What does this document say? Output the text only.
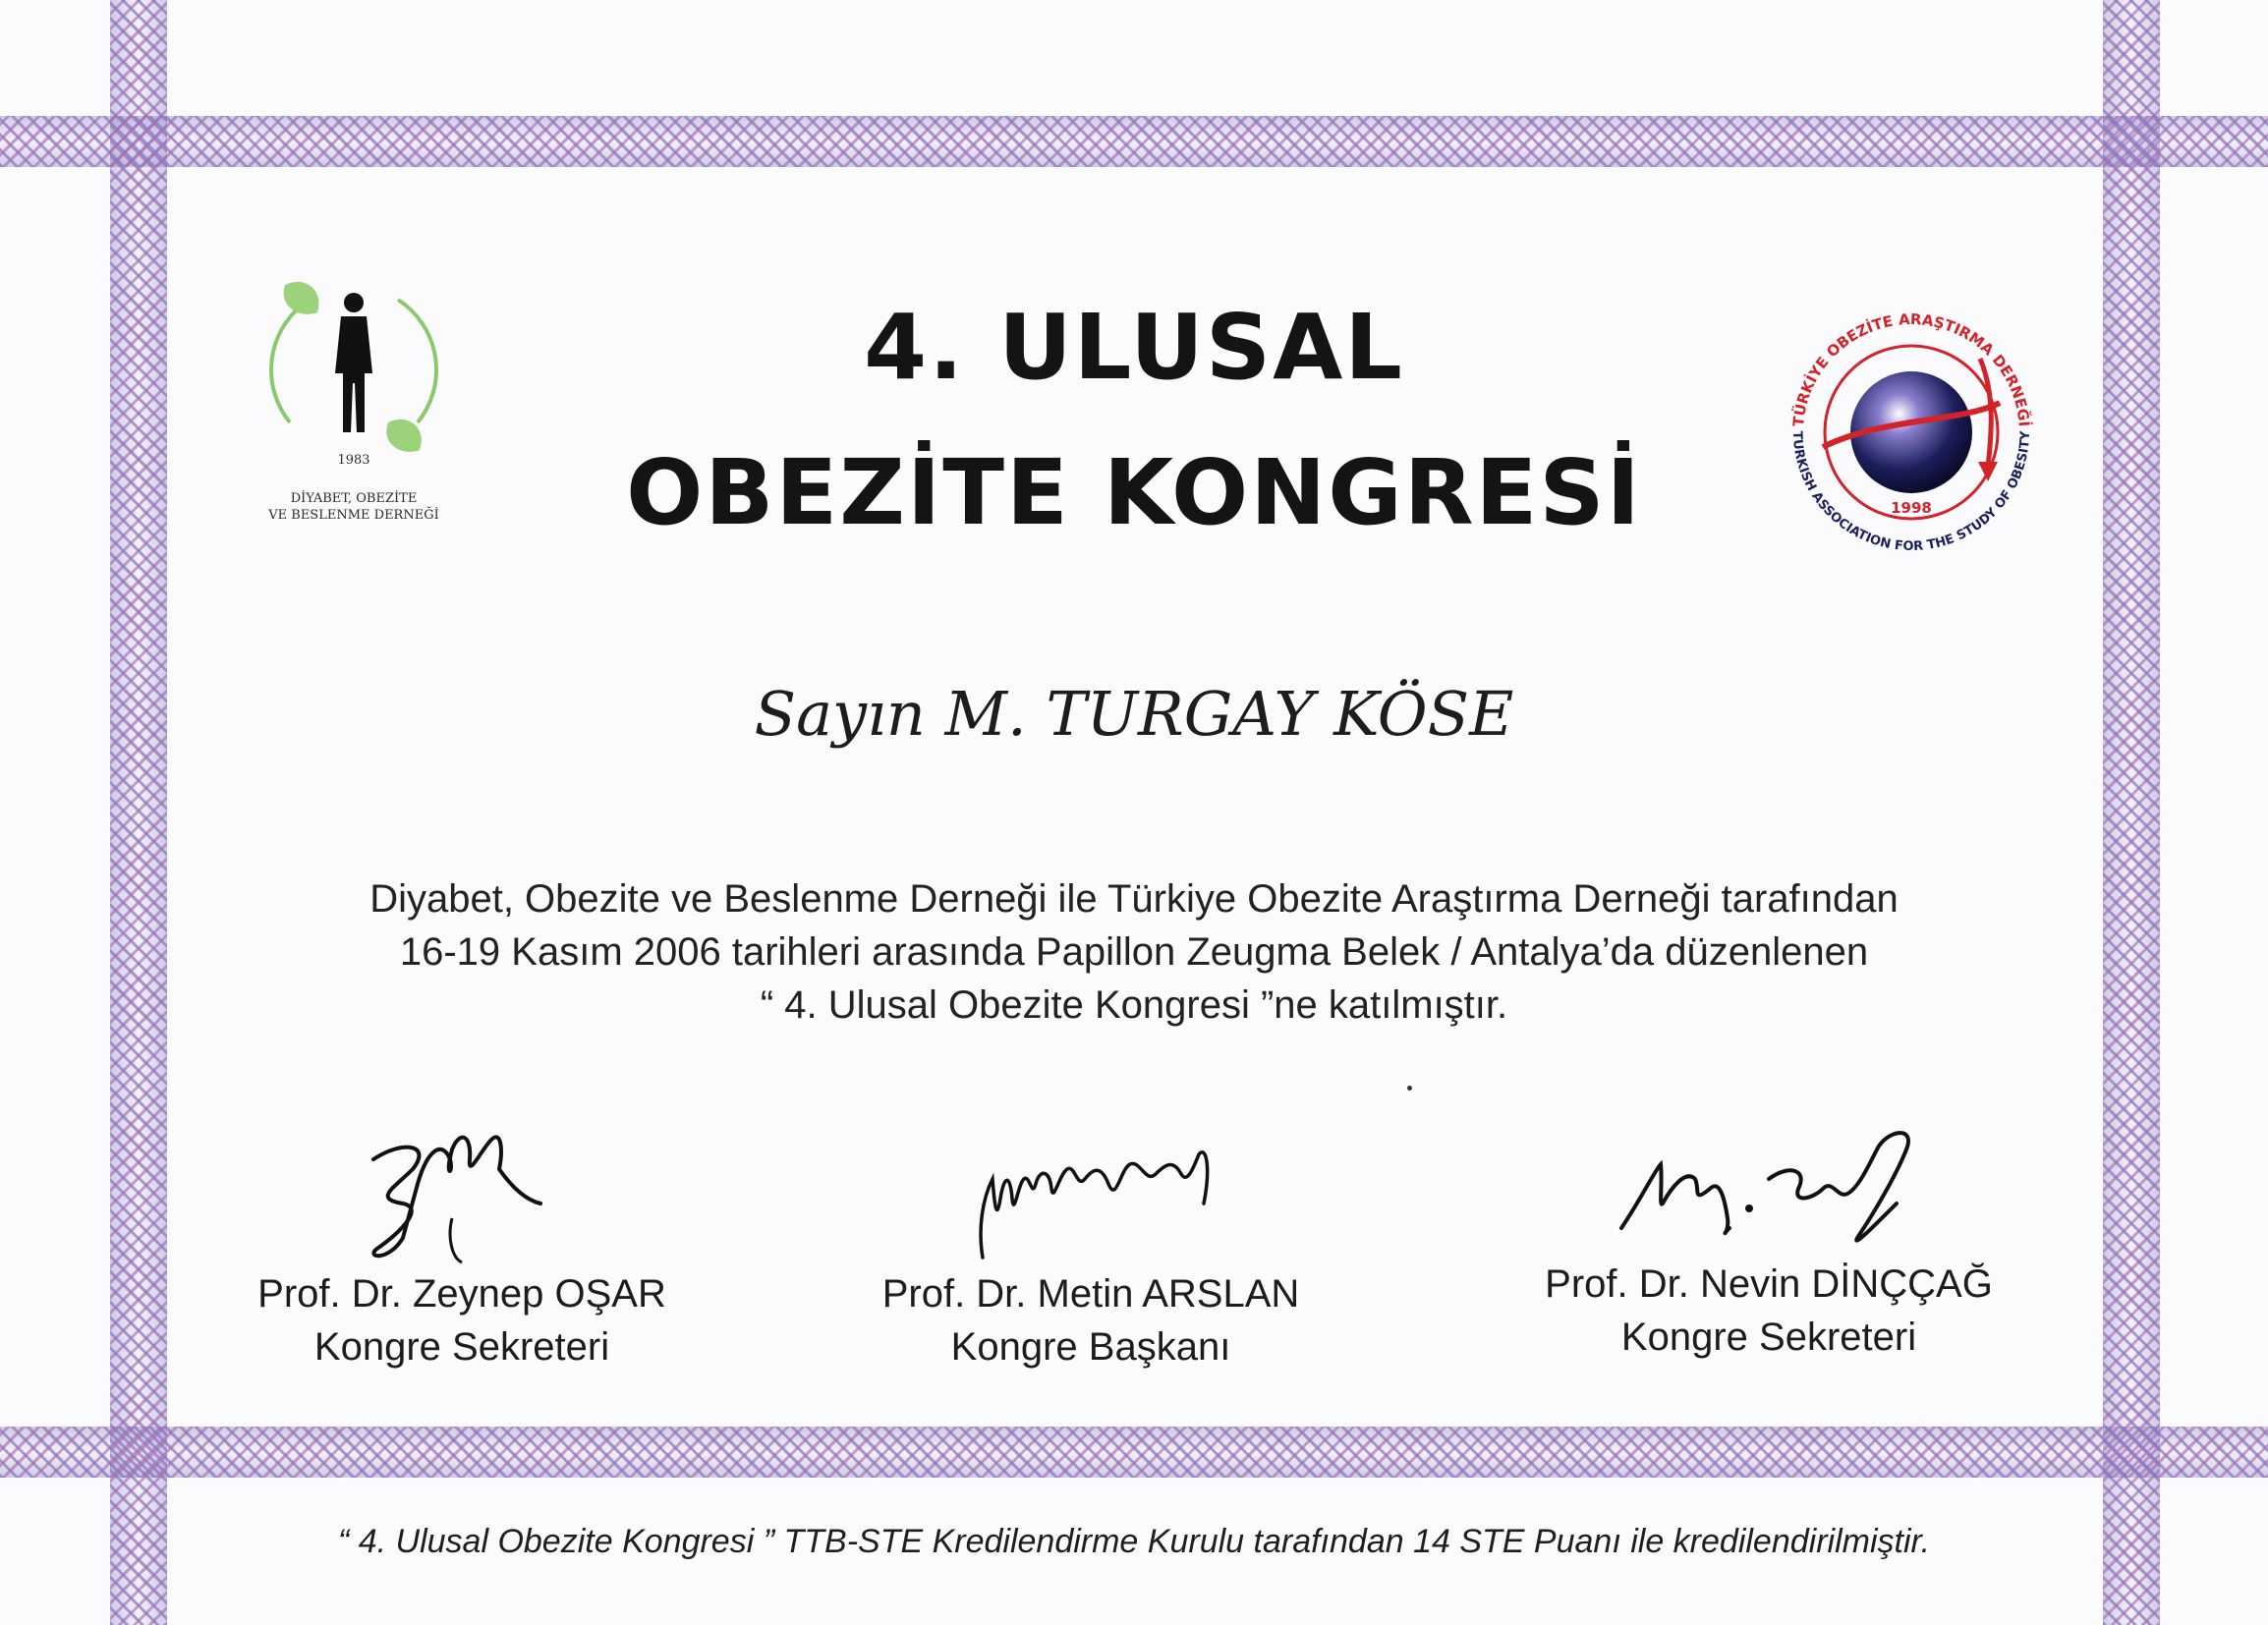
1983
DİYABET, OBEZİTE
VE BESLENME DERNEĞİ
TÜRKİYE OBEZİTE ARAŞTIRMA DERNEĞİ
TURKISH ASSOCIATION FOR THE STUDY OF OBESITY
1998
4. ULUSAL
OBEZİTE KONGRESİ
Sayın M. TURGAY KÖSE
Diyabet, Obezite ve Beslenme Derneği ile Türkiye Obezite Araştırma Derneği tarafından
16-19 Kasım 2006 tarihleri arasında Papillon Zeugma Belek / Antalya’da düzenlenen
“ 4. Ulusal Obezite Kongresi ”ne katılmıştır.
Prof. Dr. Zeynep OŞAR
Kongre Sekreteri
Prof. Dr. Metin ARSLAN
Kongre Başkanı
Prof. Dr. Nevin DİNÇÇAĞ
Kongre Sekreteri
“ 4. Ulusal Obezite Kongresi ” TTB-STE Kredilendirme Kurulu tarafından 14 STE Puanı ile kredilendirilmiştir.
